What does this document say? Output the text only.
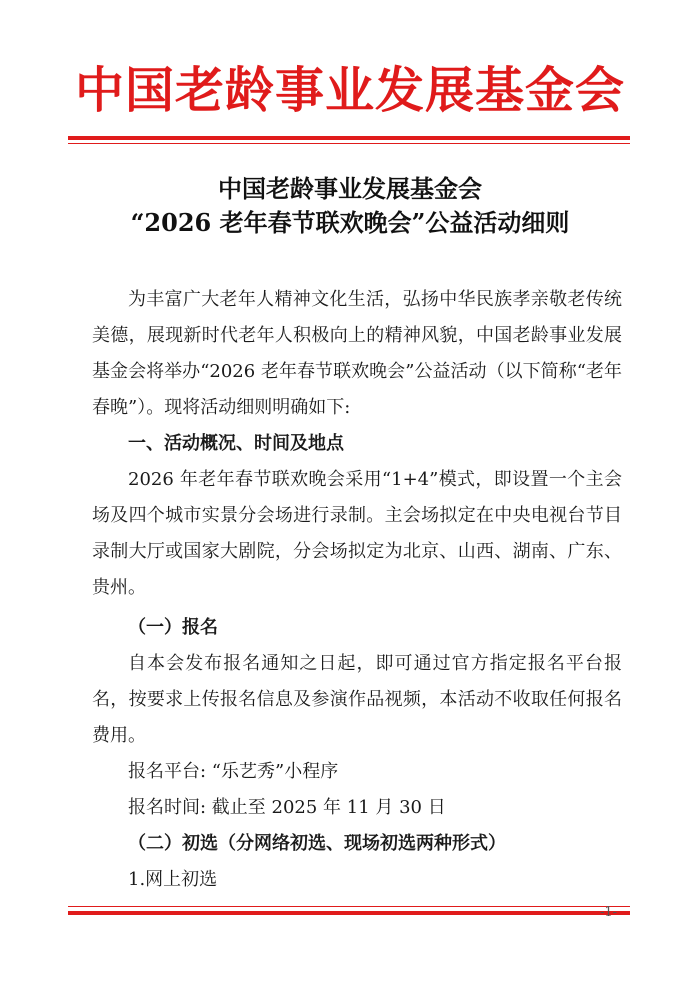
中国老龄事业发展基金会
中国老龄事业发展基金会
“2026 老年春节联欢晚会”公益活动细则

为丰富广大老年人精神文化生活，弘扬中华民族孝亲敬老传统美德，展现新时代老年人积极向上的精神风貌，中国老龄事业发展基金会将举办“2026 老年春节联欢晚会”公益活动（以下简称“老年春晚”）。现将活动细则明确如下:

一、活动概况、时间及地点

2026 年老年春节联欢晚会采用“1+4”模式，即设置一个主会场及四个城市实景分会场进行录制。主会场拟定在中央电视台节目录制大厅或国家大剧院，分会场拟定为北京、山西、湖南、广东、贵州。

（一）报名

自本会发布报名通知之日起，即可通过官方指定报名平台报名，按要求上传报名信息及参演作品视频，本活动不收取任何报名费用。

报名平台: “乐艺秀”小程序

报名时间: 截止至 2025 年 11 月 30 日

（二）初选（分网络初选、现场初选两种形式）

1.网上初选

-1-
